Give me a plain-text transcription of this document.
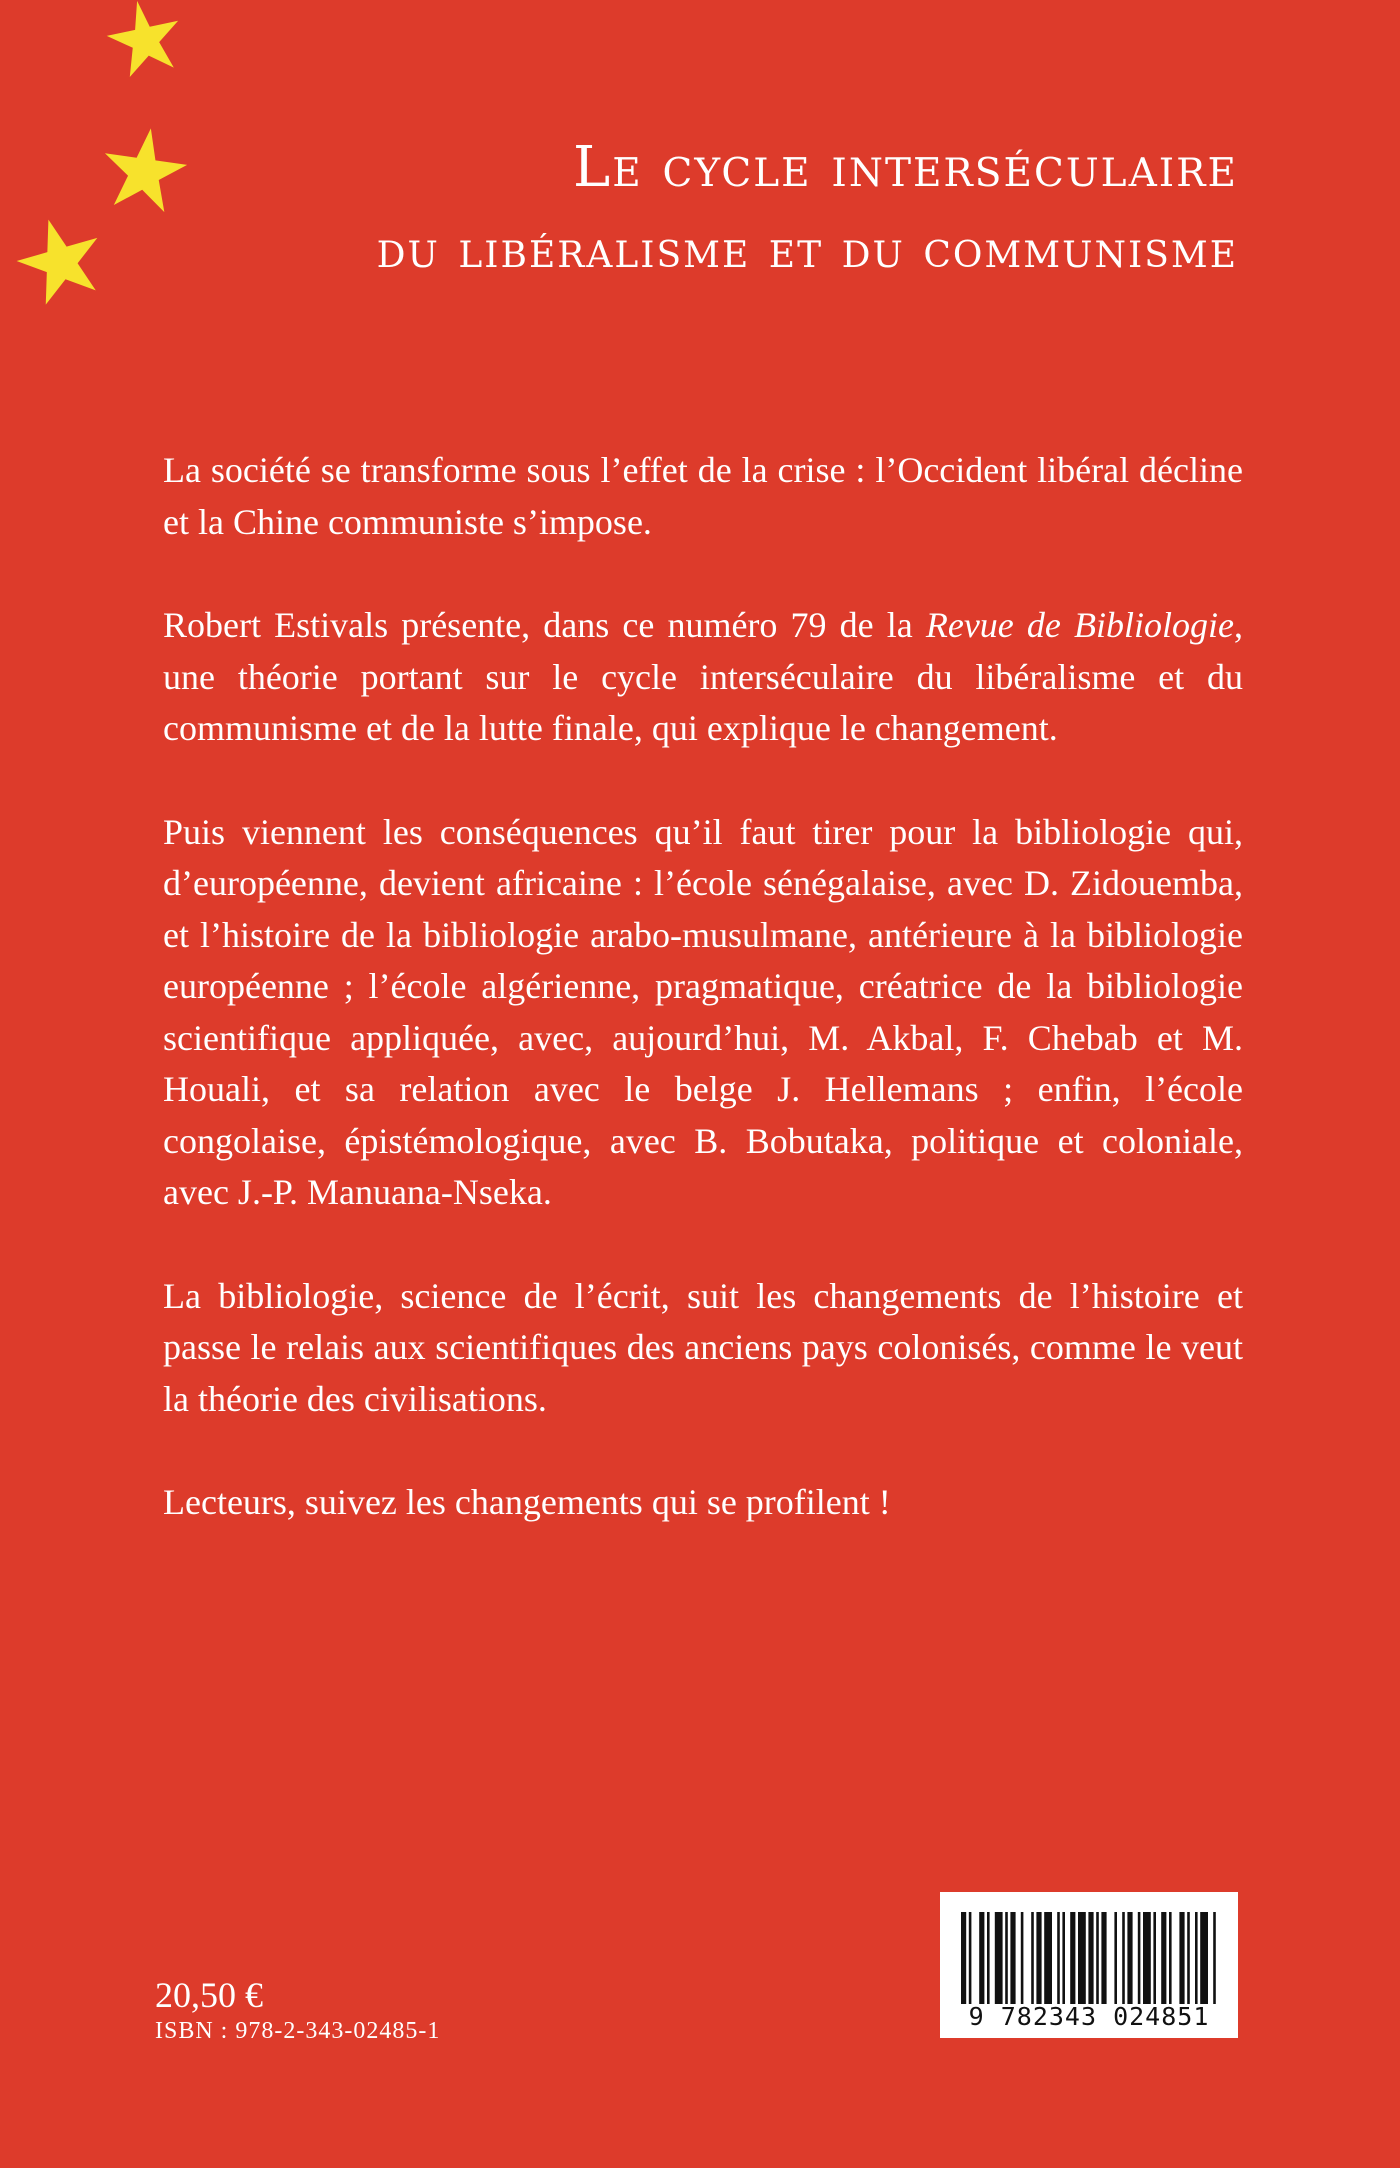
Le cycle interséculaire
du libéralisme et du communisme

La société se transforme sous l’effet de la crise : l’Occident libéral décline et la Chine communiste s’impose.

Robert Estivals présente, dans ce numéro 79 de la Revue de Bibliologie, une théorie portant sur le cycle interséculaire du libéralisme et du communisme et de la lutte finale, qui explique le changement.

Puis viennent les conséquences qu’il faut tirer pour la bibliologie qui, d’européenne, devient africaine : l’école sénégalaise, avec D. Zidouemba, et l’histoire de la bibliologie arabo-musulmane, antérieure à la bibliologie européenne ; l’école algérienne, pragmatique, créatrice de la bibliologie scientifique appliquée, avec, aujourd’hui, M. Akbal, F. Chebab et M. Houali, et sa relation avec le belge J. Hellemans ; enfin, l’école congolaise, épistémologique, avec B. Bobutaka, politique et coloniale, avec J.-P. Manuana-Nseka.

La bibliologie, science de l’écrit, suit les changements de l’histoire et passe le relais aux scientifiques des anciens pays colonisés, comme le veut la théorie des civilisations.

Lecteurs, suivez les changements qui se profilent !

20,50 €
ISBN : 978-2-343-02485-1	9 782343 024851
